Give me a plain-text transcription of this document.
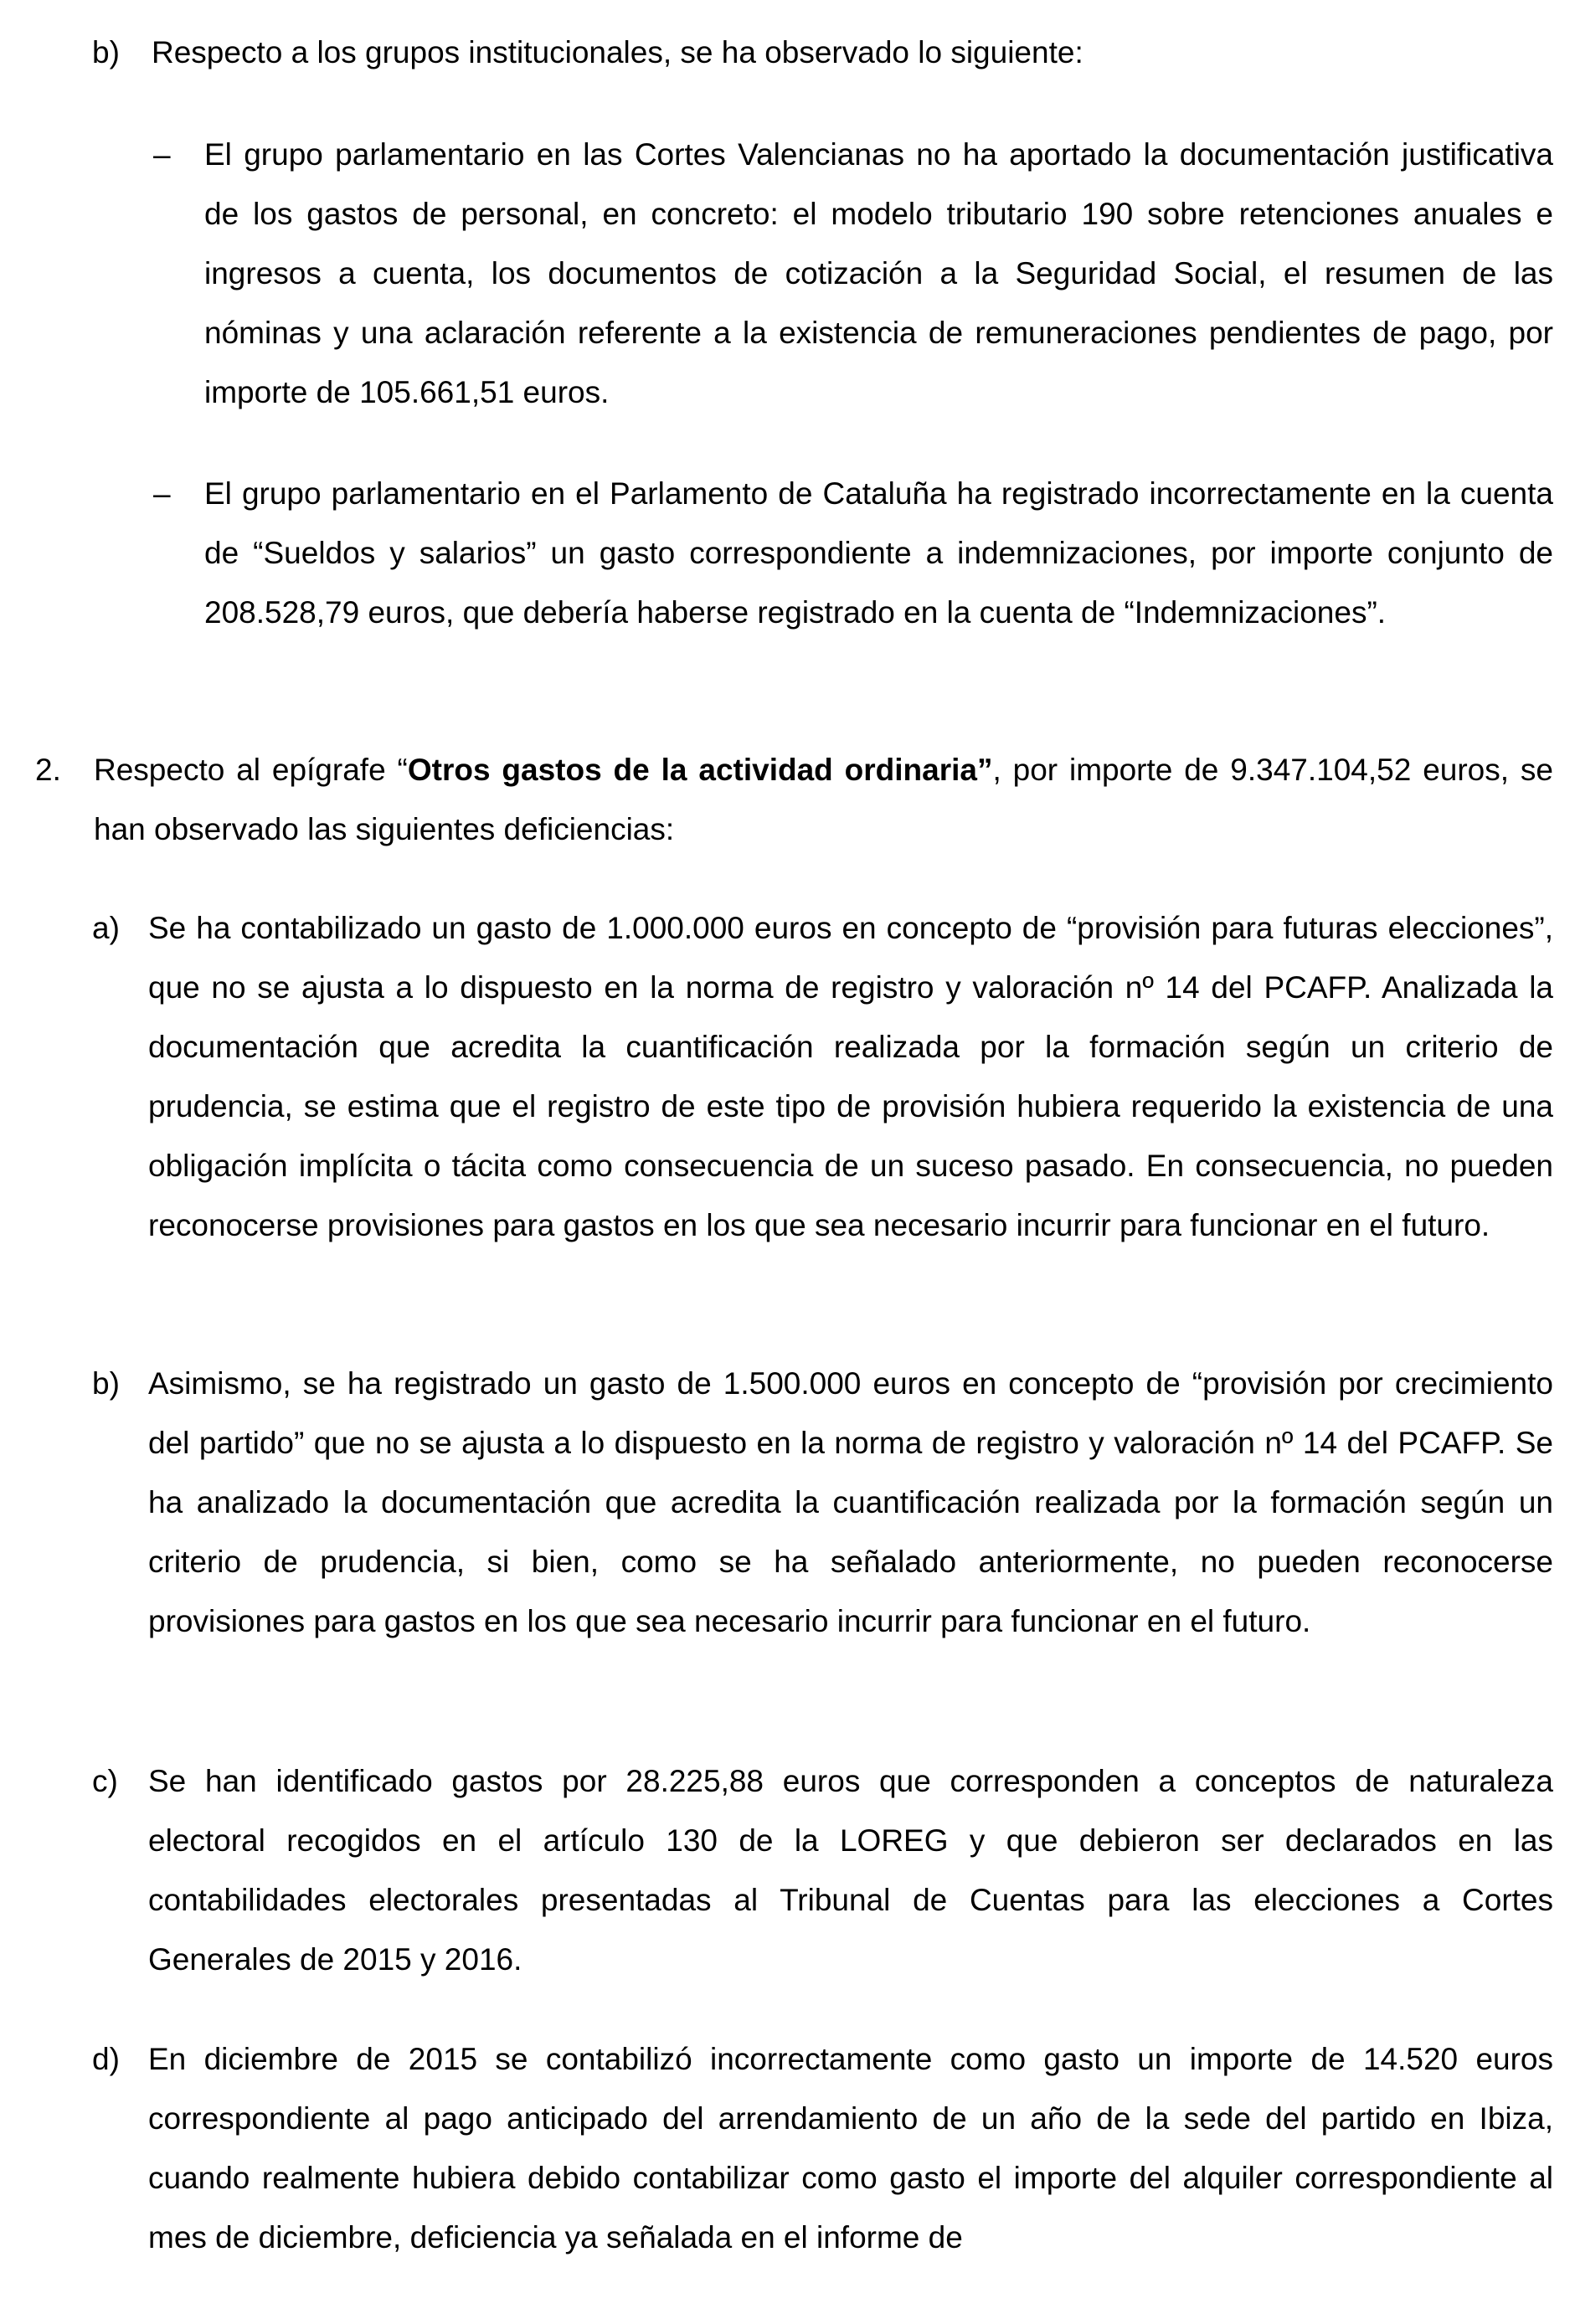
b) Respecto a los grupos institucionales, se ha observado lo siguiente:
– El grupo parlamentario en las Cortes Valencianas no ha aportado la documentación justificativa de los gastos de personal, en concreto: el modelo tributario 190 sobre retenciones anuales e ingresos a cuenta, los documentos de cotización a la Seguridad Social, el resumen de las nóminas y una aclaración referente a la existencia de remuneraciones pendientes de pago, por importe de 105.661,51 euros.
– El grupo parlamentario en el Parlamento de Cataluña ha registrado incorrectamente en la cuenta de “Sueldos y salarios” un gasto correspondiente a indemnizaciones, por importe conjunto de 208.528,79 euros, que debería haberse registrado en la cuenta de “Indemnizaciones”.
2. Respecto al epígrafe “Otros gastos de la actividad ordinaria”, por importe de 9.347.104,52 euros, se han observado las siguientes deficiencias:
a) Se ha contabilizado un gasto de 1.000.000 euros en concepto de “provisión para futuras elecciones”, que no se ajusta a lo dispuesto en la norma de registro y valoración nº 14 del PCAFP. Analizada la documentación que acredita la cuantificación realizada por la formación según un criterio de prudencia, se estima que el registro de este tipo de provisión hubiera requerido la existencia de una obligación implícita o tácita como consecuencia de un suceso pasado. En consecuencia, no pueden reconocerse provisiones para gastos en los que sea necesario incurrir para funcionar en el futuro.
b) Asimismo, se ha registrado un gasto de 1.500.000 euros en concepto de “provisión por crecimiento del partido” que no se ajusta a lo dispuesto en la norma de registro y valoración nº 14 del PCAFP. Se ha analizado la documentación que acredita la cuantificación realizada por la formación según un criterio de prudencia, si bien, como se ha señalado anteriormente, no pueden reconocerse provisiones para gastos en los que sea necesario incurrir para funcionar en el futuro.
c) Se han identificado gastos por 28.225,88 euros que corresponden a conceptos de naturaleza electoral recogidos en el artículo 130 de la LOREG y que debieron ser declarados en las contabilidades electorales presentadas al Tribunal de Cuentas para las elecciones a Cortes Generales de 2015 y 2016.
d) En diciembre de 2015 se contabilizó incorrectamente como gasto un importe de 14.520 euros correspondiente al pago anticipado del arrendamiento de un año de la sede del partido en Ibiza, cuando realmente hubiera debido contabilizar como gasto el importe del alquiler correspondiente al mes de diciembre, deficiencia ya señalada en el informe de
